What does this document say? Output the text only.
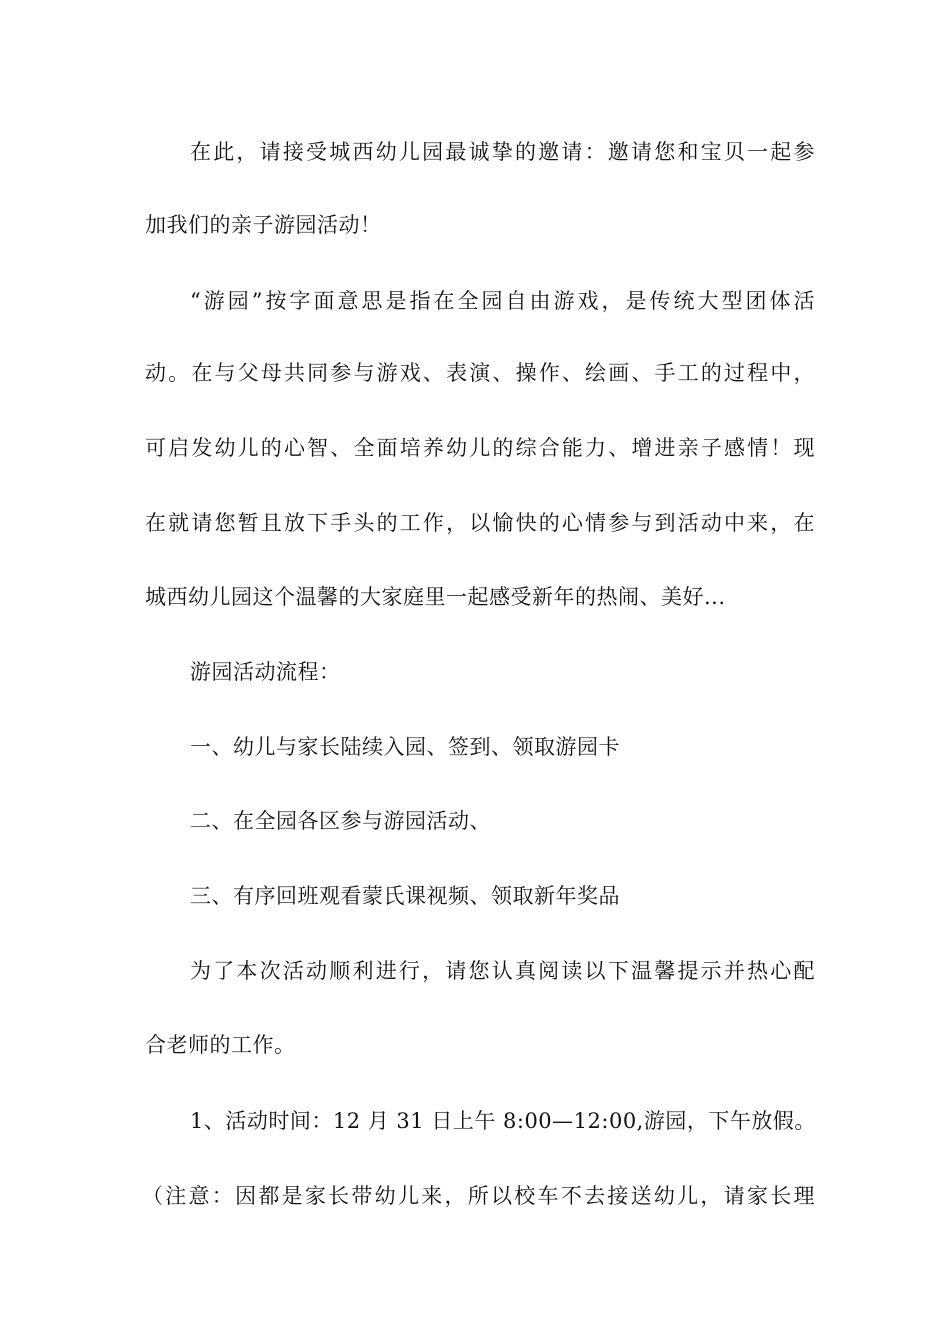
在此，请接受城西幼儿园最诚挚的邀请：邀请您和宝贝一起参
加我们的亲子游园活动！
“游园”按字面意思是指在全园自由游戏，是传统大型团体活
动。在与父母共同参与游戏、表演、操作、绘画、手工的过程中，
可启发幼儿的心智、全面培养幼儿的综合能力、增进亲子感情！现
在就请您暂且放下手头的工作，以愉快的心情参与到活动中来，在
城西幼儿园这个温馨的大家庭里一起感受新年的热闹、美好...
游园活动流程：
一、幼儿与家长陆续入园、签到、领取游园卡
二、在全园各区参与游园活动、
三、有序回班观看蒙氏课视频、领取新年奖品
为了本次活动顺利进行，请您认真阅读以下温馨提示并热心配
合老师的工作。
1、活动时间：12 月 31 日上午 8:00—12:00,游园，下午放假。
（注意：因都是家长带幼儿来，所以校车不去接送幼儿，请家长理
